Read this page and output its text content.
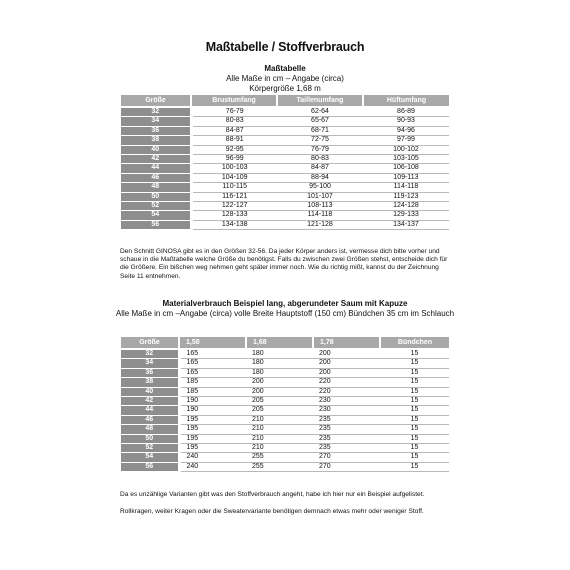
Maßtabelle / Stoffverbrauch
Maßtabelle
Alle Maße in cm – Angabe (circa)
Körpergröße 1,68 m
Größe	Brustumfang	Taillenumfang	Hüftumfang
32	76-79	62-64	86-89
34	80-83	65-67	90-93
36	84-87	68-71	94-96
38	88-91	72-75	97-99
40	92-95	76-79	100-102
42	96-99	80-83	103-105
44	100-103	84-87	106-108
46	104-109	88-94	109-113
48	110-115	95-100	114-118
50	116-121	101-107	119-123
52	122-127	108-113	124-128
54	128-133	114-118	129-133
56	134-138	121-128	134-137
Den Schnitt GINOSA gibt es in den Größen 32-56. Da jeder Körper anders ist, vermesse dich bitte vorher und schaue in die Maßtabelle welche Größe du benötigst. Falls du zwischen zwei Größen stehst, entscheide dich für die Größere. Ein bißchen weg nehmen geht später immer noch. Wie du richtig mißt, kannst du der Zeichnung Seite 11 entnehmen.
Materialverbrauch Beispiel lang, abgerundeter Saum mit Kapuze
Alle Maße in cm –Angabe (circa) volle Breite Hauptstoff (150 cm) Bündchen 35 cm im Schlauch
Größe	1,58	1,68	1,78	Bündchen
32	165	180	200	15
34	165	180	200	15
36	165	180	200	15
38	185	200	220	15
40	185	200	220	15
42	190	205	230	15
44	190	205	230	15
46	195	210	235	15
48	195	210	235	15
50	195	210	235	15
52	195	210	235	15
54	240	255	270	15
56	240	255	270	15
Da es unzählige Varianten gibt was den Stoffverbrauch angeht, habe ich hier nur ein Beispiel aufgelistet.
Rollkragen, weiter Kragen oder die Sweatervariante benötigen demnach etwas mehr oder weniger Stoff.
